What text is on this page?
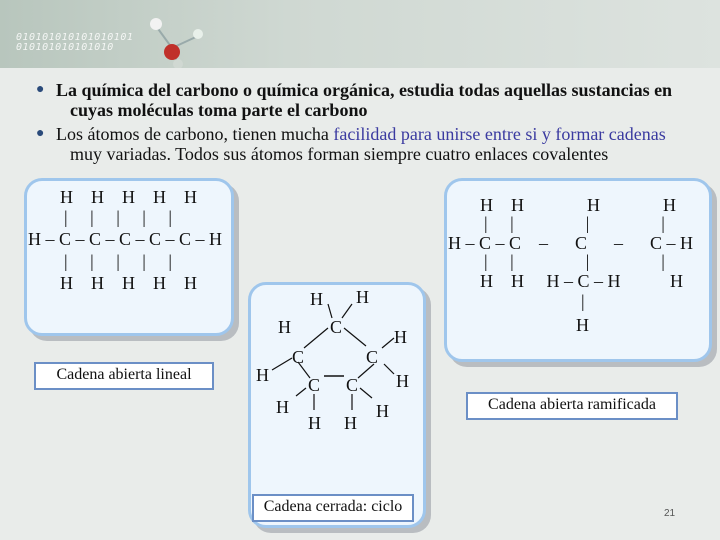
010101010101010101
010101010101010
● La química del carbono o química orgánica, estudia todas aquellas sustancias en
cuyas moléculas toma parte el carbono
● Los átomos de carbono, tienen mucha facilidad para unirse entre si y formar cadenas
muy variadas. Todos sus átomos forman siempre cuatro enlaces covalentes
H    H    H    H    H
|     |     |     |     |
H – C – C – C – C – C – H
|     |     |     |     |
H    H    H    H    H
Cadena abierta lineal
H    H              H              H
|     |                |                |
H – C – C    –      C      –      C – H
|     |                |                |
H    H     H – C – H           H
|
H
Cadena abierta ramificada
H H
H C	H
C	C
H C C H
H	H
H H
Cadena cerrada: ciclo	21
